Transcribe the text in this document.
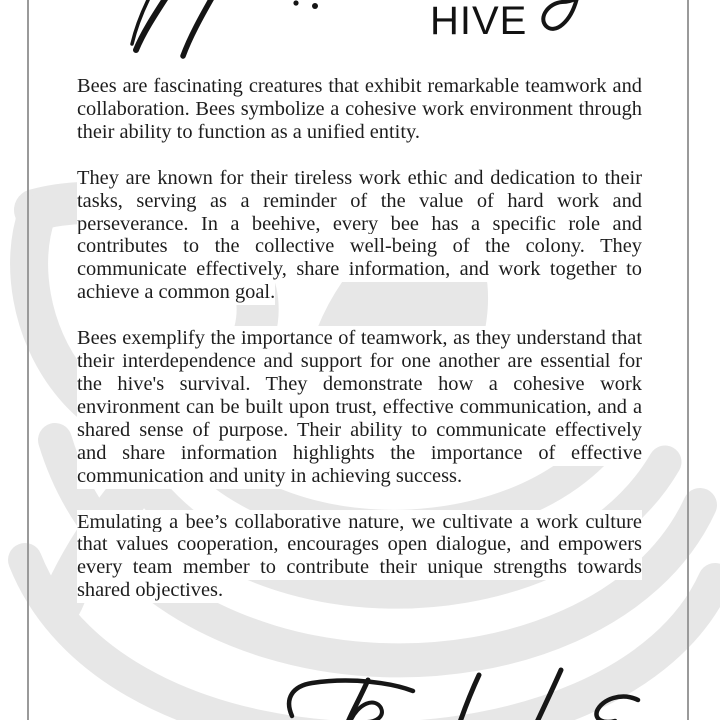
HIVE

Bees are fascinating creatures that exhibit remarkable teamwork and collaboration. Bees symbolize a cohesive work environment through their ability to function as a unified entity.

They are known for their tireless work ethic and dedication to their tasks, serving as a reminder of the value of hard work and perseverance. In a beehive, every bee has a specific role and contributes to the collective well-being of the colony. They communicate effectively, share information, and work together to achieve a common goal.

Bees exemplify the importance of teamwork, as they understand that their interdependence and support for one another are essential for the hive's survival. They demonstrate how a cohesive work environment can be built upon trust, effective communication, and a shared sense of purpose. Their ability to communicate effectively and share information highlights the importance of effective communication and unity in achieving success.

Emulating a bee’s collaborative nature, we cultivate a work culture that values cooperation, encourages open dialogue, and empowers every team member to contribute their unique strengths towards shared objectives.
